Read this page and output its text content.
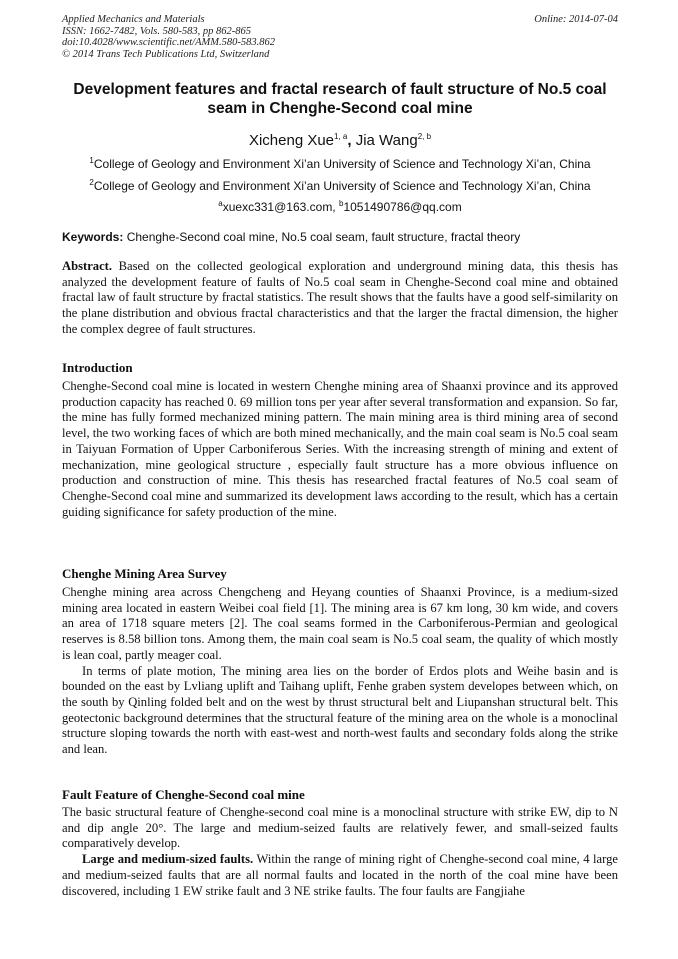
Applied Mechanics and Materials
ISSN: 1662-7482, Vols. 580-583, pp 862-865
doi:10.4028/www.scientific.net/AMM.580-583.862
© 2014 Trans Tech Publications Ltd, Switzerland
Online: 2014-07-04
Development features and fractal research of fault structure of No.5 coal seam in Chenghe-Second coal mine
Xicheng Xue$^{1, a}$, Jia Wang$^{2, b}$
$^1$College of Geology and Environment Xi’an University of Science and Technology Xi’an, China
$^2$College of Geology and Environment Xi’an University of Science and Technology Xi’an, China
$^a$xuexc331@163.com, $^b$1051490786@qq.com
Keywords: Chenghe-Second coal mine, No.5 coal seam, fault structure, fractal theory

Abstract. Based on the collected geological exploration and underground mining data, this thesis has analyzed the development feature of faults of No.5 coal seam in Chenghe-Second coal mine and obtained fractal law of fault structure by fractal statistics. The result shows that the faults have a good self-similarity on the plane distribution and obvious fractal characteristics and that the larger the fractal dimension, the higher the complex degree of fault structures.

Introduction

Chenghe-Second coal mine is located in western Chenghe mining area of Shaanxi province and its approved production capacity has reached 0. 69 million tons per year after several transformation and expansion. So far, the mine has fully formed mechanized mining pattern. The main mining area is third mining area of second level, the two working faces of which are both mined mechanically, and the main coal seam is No.5 coal seam in Taiyuan Formation of Upper Carboniferous Series. With the increasing strength of mining and extent of mechanization, mine geological structure , especially fault structure has a more obvious influence on production and construction of mine. This thesis has researched fractal features of No.5 coal seam of Chenghe-Second coal mine and summarized its development laws according to the result, which has a certain guiding significance for safety production of the mine.

Chenghe Mining Area Survey

Chenghe mining area across Chengcheng and Heyang counties of Shaanxi Province, is a medium-sized mining area located in eastern Weibei coal field [1]. The mining area is 67 km long, 30 km wide, and covers an area of 1718 square meters [2]. The coal seams formed in the Carboniferous-Permian and geological reserves is 8.58 billion tons. Among them, the main coal seam is No.5 coal seam, the quality of which mostly is lean coal, partly meager coal.

In terms of plate motion, The mining area lies on the border of Erdos plots and Weihe basin and is bounded on the east by Lvliang uplift and Taihang uplift, Fenhe graben system developes between which, on the south by Qinling folded belt and on the west by thrust structural belt and Liupanshan structural belt. This geotectonic background determines that the structural feature of the mining area on the whole is a monoclinal structure sloping towards the north with east-west and north-west faults and secondary folds along the strike and lean.

Fault Feature of Chenghe-Second coal mine

The basic structural feature of Chenghe-second coal mine is a monoclinal structure with strike EW, dip to N and dip angle 20°. The large and medium-seized faults are relatively fewer, and small-seized faults comparatively develop.

Large and medium-sized faults. Within the range of mining right of Chenghe-second coal mine, 4 large and medium-seized faults that are all normal faults and located in the north of the coal mine have been discovered, including 1 EW strike fault and 3 NE strike faults. The four faults are Fangjiahe
